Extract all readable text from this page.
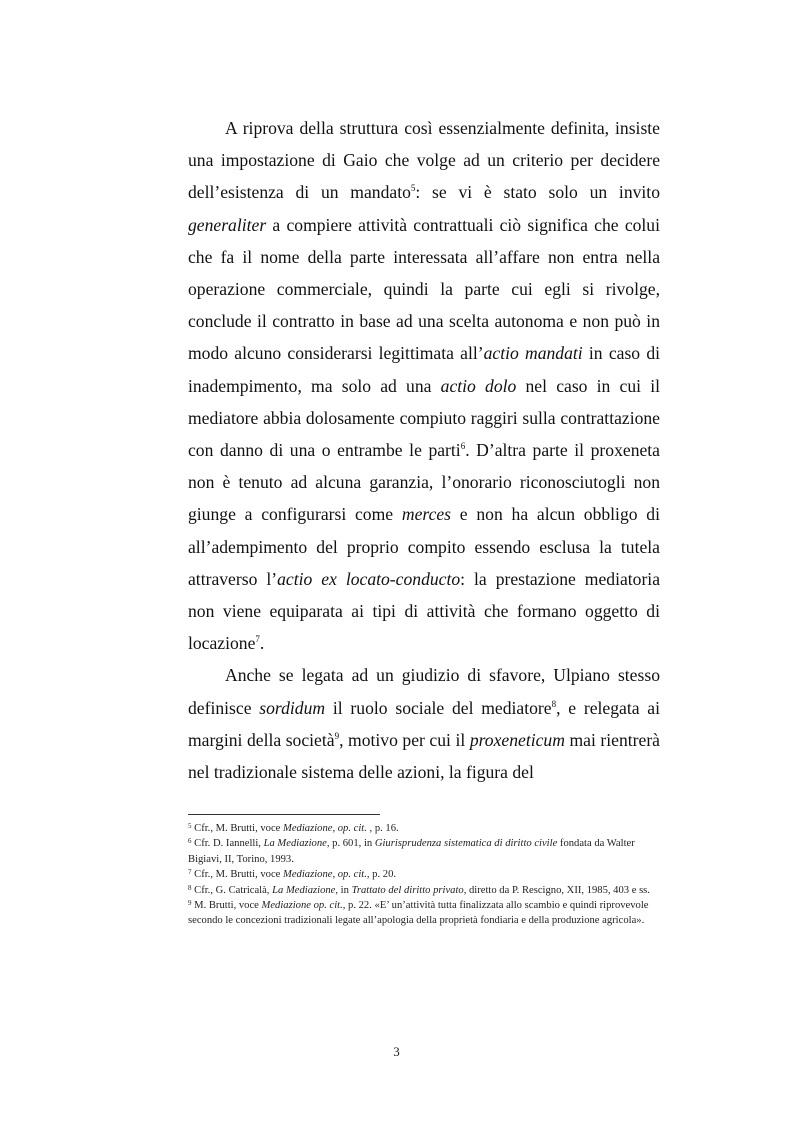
A riprova della struttura così essenzialmente definita, insiste una impostazione di Gaio che volge ad un criterio per decidere dell’esistenza di un mandato$^5$: se vi è stato solo un invito generaliter a compiere attività contrattuali ciò significa che colui che fa il nome della parte interessata all’affare non entra nella operazione commerciale, quindi la parte cui egli si rivolge, conclude il contratto in base ad una scelta autonoma e non può in modo alcuno considerarsi legittimata all’actio mandati in caso di inadempimento, ma solo ad una actio dolo nel caso in cui il mediatore abbia dolosamente compiuto raggiri sulla contrattazione con danno di una o entrambe le parti$^6$. D’altra parte il proxeneta non è tenuto ad alcuna garanzia, l’onorario riconosciutogli non giunge a configurarsi come merces e non ha alcun obbligo di all’adempimento del proprio compito essendo esclusa la tutela attraverso l’actio ex locato-conducto: la prestazione mediatoria non viene equiparata ai tipi di attività che formano oggetto di locazione$^7$.

Anche se legata ad un giudizio di sfavore, Ulpiano stesso definisce sordidum il ruolo sociale del mediatore$^8$, e relegata ai margini della società$^9$, motivo per cui il proxeneticum mai rientrerà nel tradizionale sistema delle azioni, la figura del

$^5$ Cfr., M. Brutti, voce Mediazione, op. cit. , p. 16.
$^6$ Cfr. D. Iannelli, La Mediazione, p. 601, in Giurisprudenza sistematica di diritto civile fondata da Walter Bigiavi, II, Torino, 1993.
$^7$ Cfr., M. Brutti, voce Mediazione, op. cit., p. 20.
$^8$ Cfr., G. Catricalà, La Mediazione, in Trattato del diritto privato, diretto da P. Rescigno, XII, 1985, 403 e ss.
$^9$ M. Brutti, voce Mediazione op. cit., p. 22. «E’ un’attività tutta finalizzata allo scambio e quindi riprovevole secondo le concezioni tradizionali legate all’apologia della proprietà fondiaria e della produzione agricola».
3
